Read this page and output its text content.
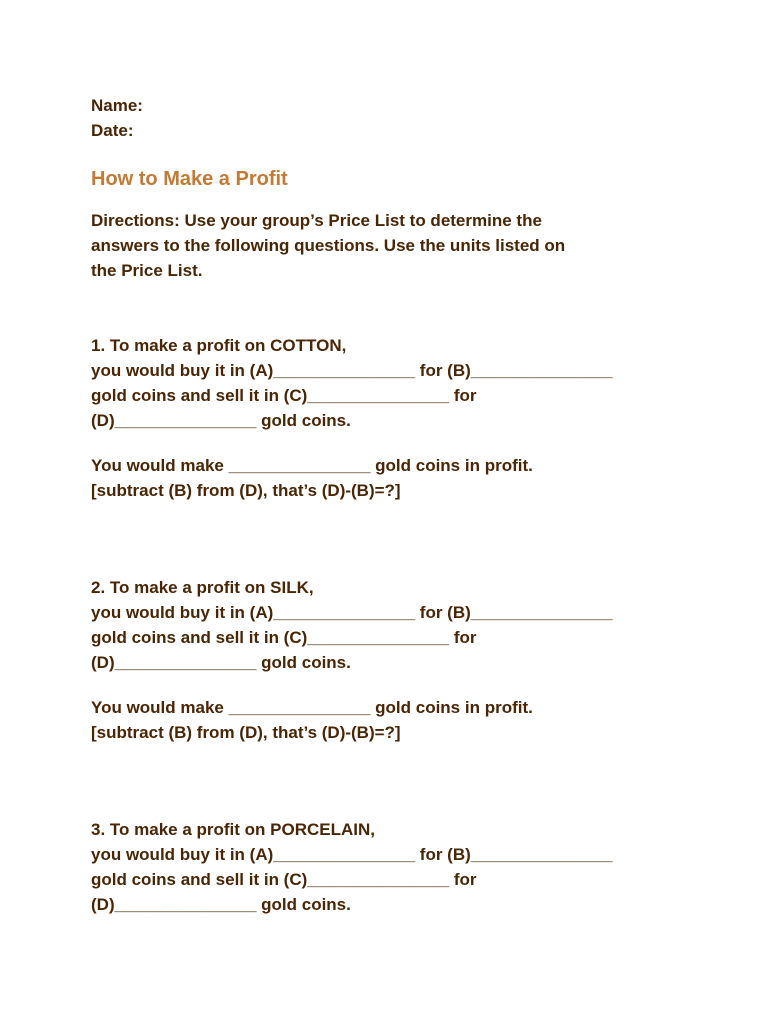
Name:
Date:
How to Make a Profit
Directions: Use your group’s Price List to determine the
answers to the following questions. Use the units listed on
the Price List.
1. To make a profit on COTTON,
you would buy it in (A)_______________ for (B)_______________
gold coins and sell it in (C)_______________ for
(D)_______________ gold coins.
You would make _______________ gold coins in profit.
[subtract (B) from (D), that’s (D)-(B)=?]
2. To make a profit on SILK,
you would buy it in (A)_______________ for (B)_______________
gold coins and sell it in (C)_______________ for
(D)_______________ gold coins.
You would make _______________ gold coins in profit.
[subtract (B) from (D), that’s (D)-(B)=?]
3. To make a profit on PORCELAIN,
you would buy it in (A)_______________ for (B)_______________
gold coins and sell it in (C)_______________ for
(D)_______________ gold coins.
